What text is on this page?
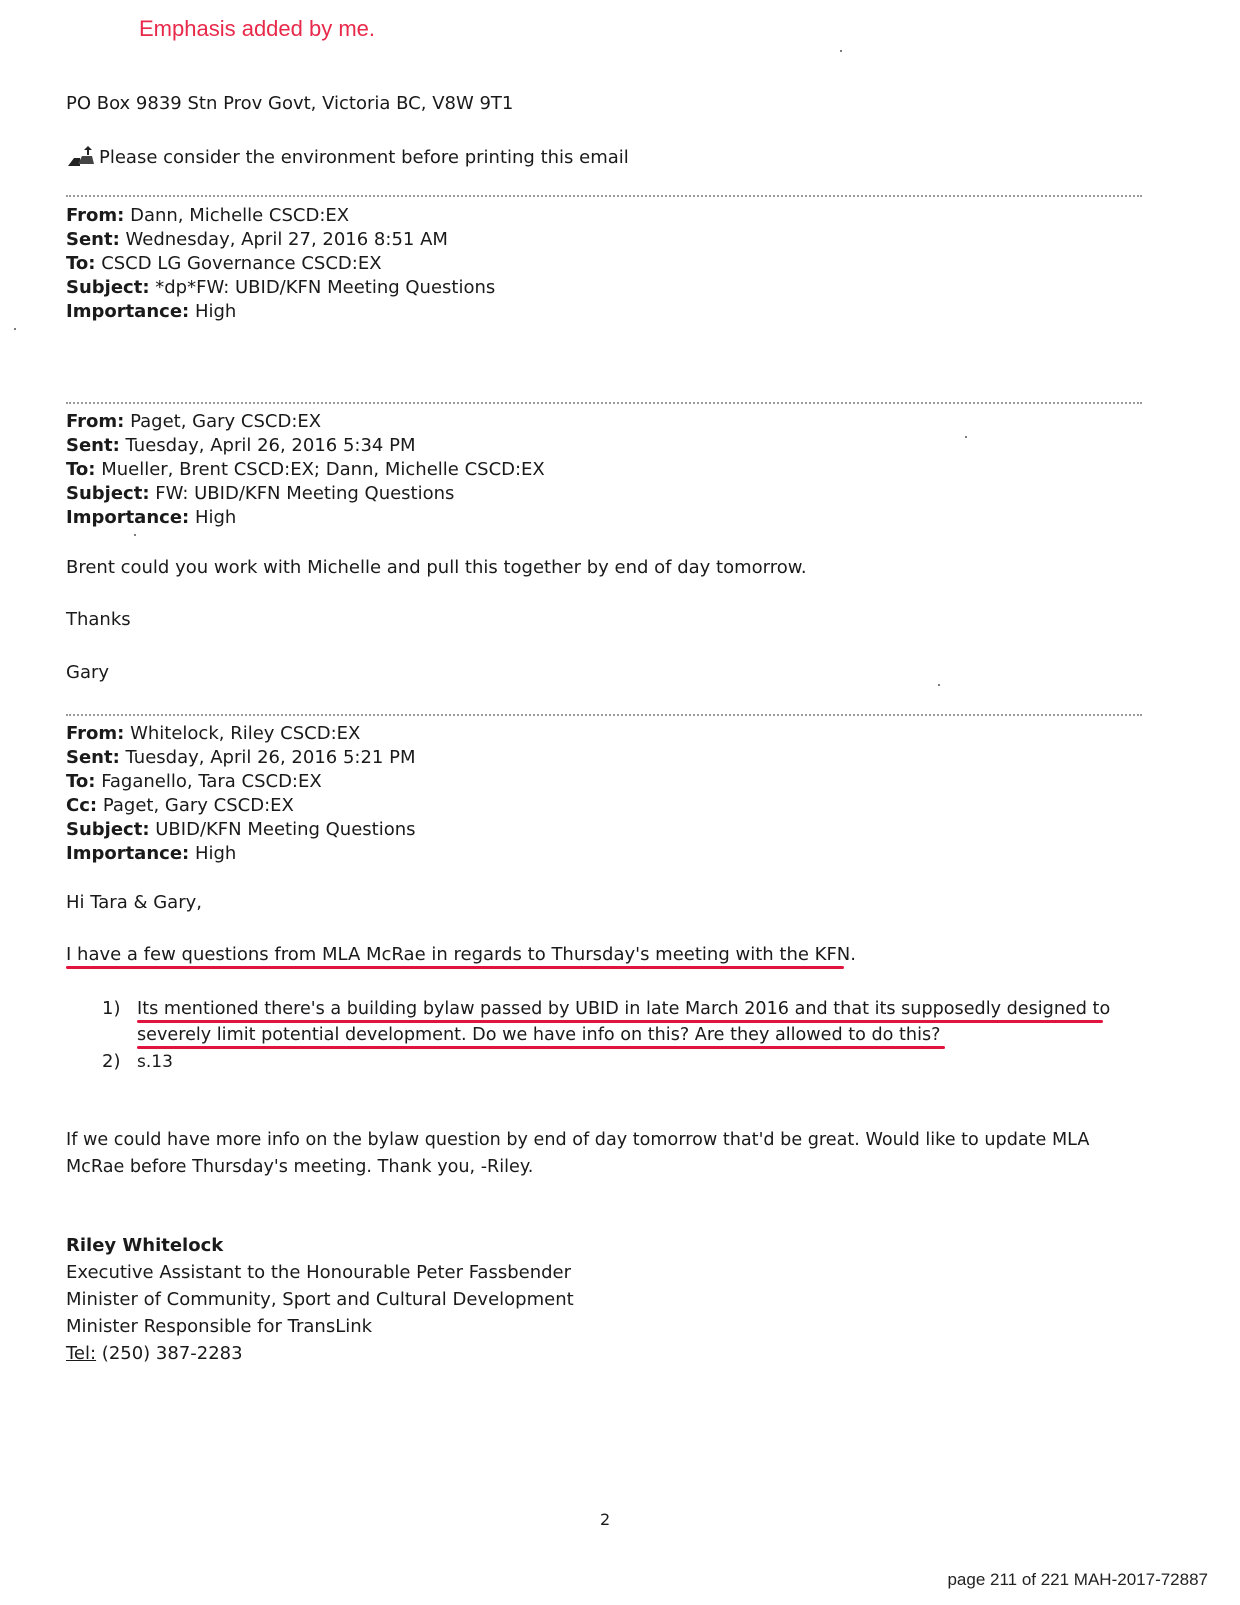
Emphasis added by me.
PO Box 9839 Stn Prov Govt, Victoria BC, V8W 9T1
Please consider the environment before printing this email
From: Dann, Michelle CSCD:EX
Sent: Wednesday, April 27, 2016 8:51 AM
To: CSCD LG Governance CSCD:EX
Subject: *dp*FW: UBID/KFN Meeting Questions
Importance: High
From: Paget, Gary CSCD:EX
Sent: Tuesday, April 26, 2016 5:34 PM
To: Mueller, Brent CSCD:EX; Dann, Michelle CSCD:EX
Subject: FW: UBID/KFN Meeting Questions
Importance: High
Brent could you work with Michelle and pull this together by end of day tomorrow.
Thanks
Gary
From: Whitelock, Riley CSCD:EX
Sent: Tuesday, April 26, 2016 5:21 PM
To: Faganello, Tara CSCD:EX
Cc: Paget, Gary CSCD:EX
Subject: UBID/KFN Meeting Questions
Importance: High
Hi Tara & Gary,
I have a few questions from MLA McRae in regards to Thursday's meeting with the KFN.
1) Its mentioned there's a building bylaw passed by UBID in late March 2016 and that its supposedly designed to
severely limit potential development. Do we have info on this? Are they allowed to do this?
2) s.13
If we could have more info on the bylaw question by end of day tomorrow that'd be great. Would like to update MLA
McRae before Thursday's meeting. Thank you, -Riley.
Riley Whitelock
Executive Assistant to the Honourable Peter Fassbender
Minister of Community, Sport and Cultural Development
Minister Responsible for TransLink
Tel: (250) 387-2283
2
page 211 of 221 MAH-2017-72887
